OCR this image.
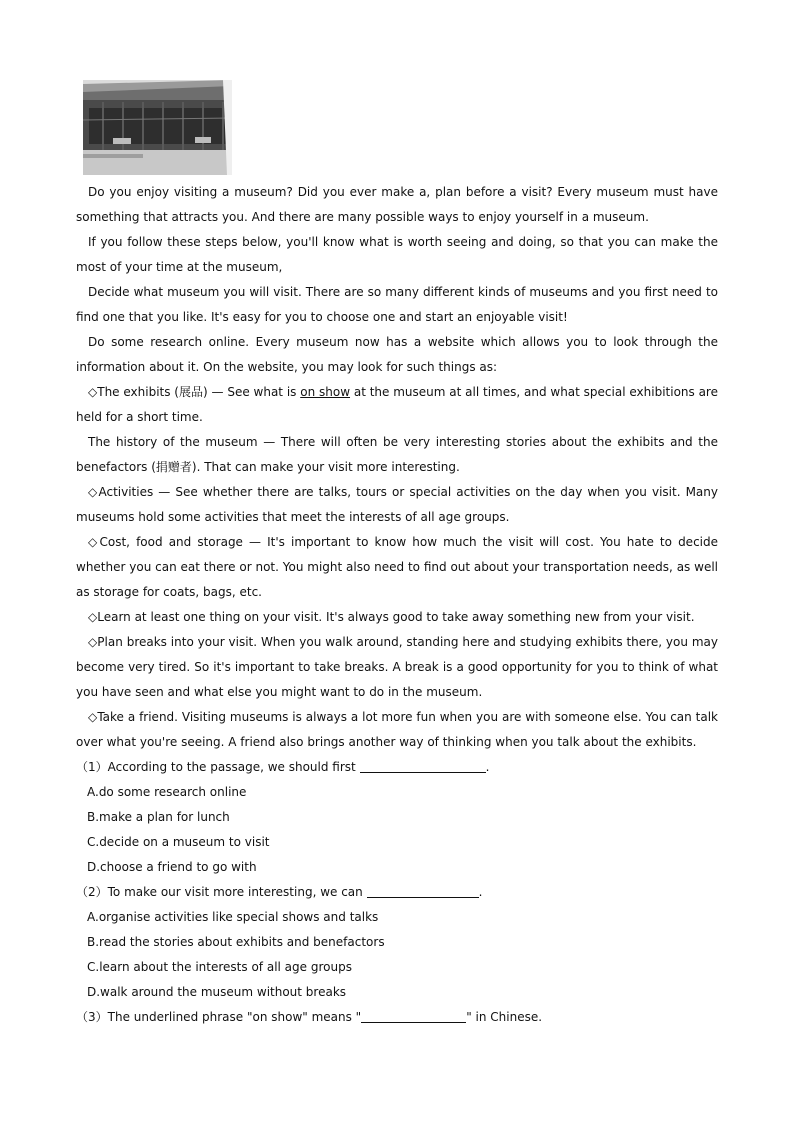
Do you enjoy visiting a museum? Did you ever make a, plan before a visit? Every museum must have something that attracts you. And there are many possible ways to enjoy yourself in a museum.

If you follow these steps below, you'll know what is worth seeing and doing, so that you can make the most of your time at the museum,

Decide what museum you will visit. There are so many different kinds of museums and you first need to find one that you like. It's easy for you to choose one and start an enjoyable visit!

Do some research online. Every museum now has a website which allows you to look through the information about it. On the website, you may look for such things as:

◇The exhibits (展品) — See what is on show at the museum at all times, and what special exhibitions are held for a short time.

The history of the museum — There will often be very interesting stories about the exhibits and the benefactors (捐赠者). That can make your visit more interesting.

◇Activities — See whether there are talks, tours or special activities on the day when you visit. Many museums hold some activities that meet the interests of all age groups.

◇Cost, food and storage — It's important to know how much the visit will cost. You hate to decide whether you can eat there or not. You might also need to find out about your transportation needs, as well as storage for coats, bags, etc.

◇Learn at least one thing on your visit. It's always good to take away something new from your visit.

◇Plan breaks into your visit. When you walk around, standing here and studying exhibits there, you may become very tired. So it's important to take breaks. A break is a good opportunity for you to think of what you have seen and what else you might want to do in the museum.

◇Take a friend. Visiting museums is always a lot more fun when you are with someone else. You can talk over what you're seeing. A friend also brings another way of thinking when you talk about the exhibits.

（1）According to the passage, we should first	.

A.do some research online

B.make a plan for lunch

C.decide on a museum to visit

D.choose a friend to go with

（2）To make our visit more interesting, we can	.

A.organise activities like special shows and talks

B.read the stories about exhibits and benefactors

C.learn about the interests of all age groups

D.walk around the museum without breaks

（3）The underlined phrase "on show" means "	" in Chinese.
